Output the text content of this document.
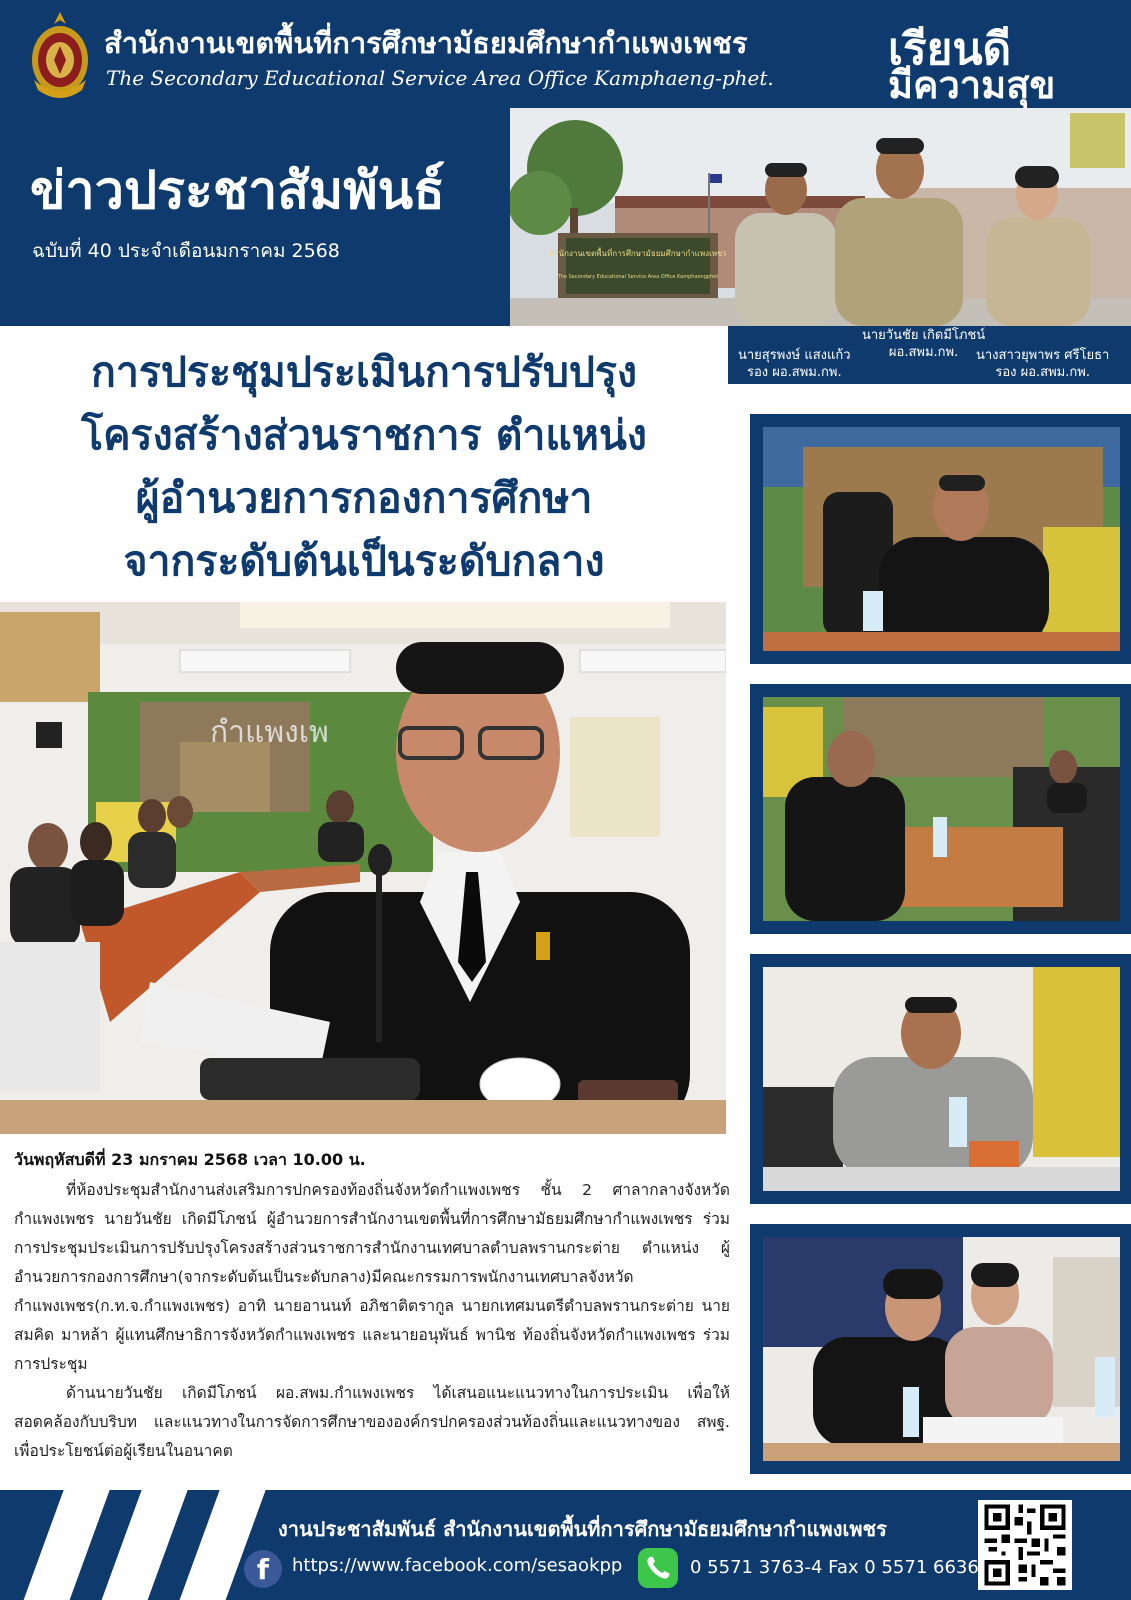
สำนักงานเขตพื้นที่การศึกษามัธยมศึกษากำแพงเพชร
The Secondary Educational Service Area Office Kamphaeng-phet.
เรียนดี
มีความสุข
สำนักงานเขตพื้นที่การศึกษามัธยมศึกษากำแพงเพชร
The Secondary Educational Service Area Office Kamphaengphet
ข่าวประชาสัมพันธ์
ฉบับที่ 40 ประจำเดือนมกราคม 2568
นายสุรพงษ์ แสงแก้ว
รอง ผอ.สพม.กพ.
นายวันชัย เกิดมีโภชน์
ผอ.สพม.กพ.	นางสาวยุพาพร ศรีโยธา
รอง ผอ.สพม.กพ.
การประชุมประเมินการปรับปรุง
โครงสร้างส่วนราชการ ตำแหน่ง
ผู้อำนวยการกองการศึกษา
จากระดับต้นเป็นระดับกลาง
กำแพงเพ
วันพฤหัสบดีที่ 23 มกราคม 2568 เวลา 10.00 น.

ที่ห้องประชุมสำนักงานส่งเสริมการปกครองท้องถิ่นจังหวัดกำแพงเพชร ชั้น 2 ศาลากลางจังหวัดกำแพงเพชร นายวันชัย เกิดมีโภชน์ ผู้อำนวยการสำนักงานเขตพื้นที่การศึกษามัธยมศึกษากำแพงเพชร ร่วมการประชุมประเมินการปรับปรุงโครงสร้างส่วนราชการสำนักงานเทศบาลตำบลพรานกระต่าย ตำแหน่ง ผู้อำนวยการกองการศึกษา(จากระดับต้นเป็นระดับกลาง)มีคณะกรรมการพนักงานเทศบาลจังหวัดกำแพงเพชร(ก.ท.จ.กำแพงเพชร) อาทิ นายอานนท์ อภิชาติตรากูล นายกเทศมนตรีตำบลพรานกระต่าย นายสมคิด มาหล้า ผู้แทนศึกษาธิการจังหวัดกำแพงเพชร และนายอนุพันธ์ พานิช ท้องถิ่นจังหวัดกำแพงเพชร ร่วมการประชุม

ด้านนายวันชัย เกิดมีโภชน์ ผอ.สพม.กำแพงเพชร ได้เสนอแนะแนวทางในการประเมิน เพื่อให้สอดคล้องกับบริบท และแนวทางในการจัดการศึกษาขององค์กรปกครองส่วนท้องถิ่นและแนวทางของ สพฐ. เพื่อประโยชน์ต่อผู้เรียนในอนาคต

งานประชาสัมพันธ์ สำนักงานเขตพื้นที่การศึกษามัธยมศึกษากำแพงเพชร
f	https://www.facebook.com/sesaokpp	0 5571 3763-4 Fax 0 5571 6636
